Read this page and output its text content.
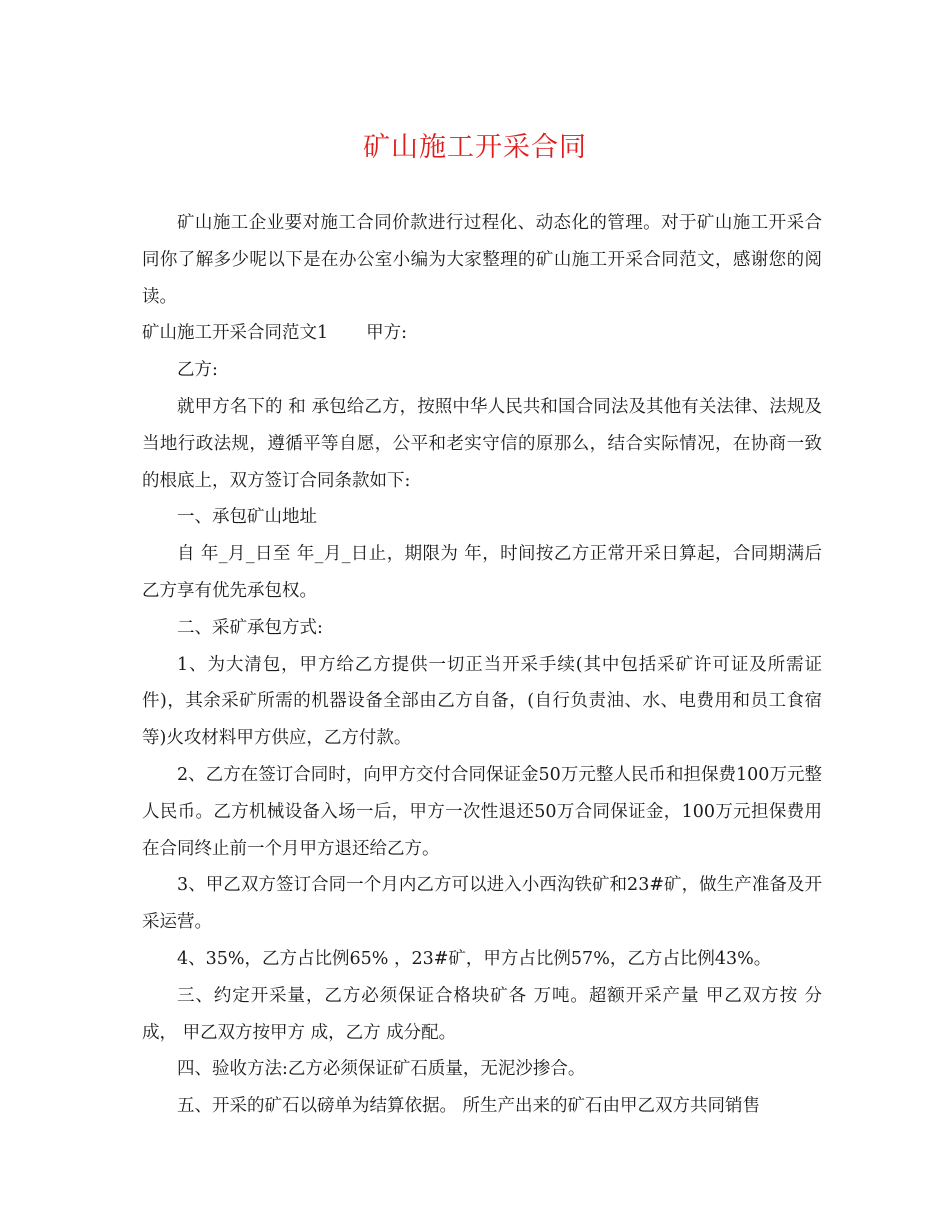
矿山施工开采合同

矿山施工企业要对施工合同价款进行过程化、动态化的管理。对于矿山施工开采合同你了解多少呢以下是在办公室小编为大家整理的矿山施工开采合同范文，感谢您的阅读。

矿山施工开采合同范文1 甲方:

乙方:

就甲方名下的 和 承包给乙方，按照中华人民共和国合同法及其他有关法律、法规及当地行政法规，遵循平等自愿，公平和老实守信的原那么，结合实际情况，在协商一致的根底上，双方签订合同条款如下:

一、承包矿山地址

自 年_月_日至 年_月_日止，期限为 年，时间按乙方正常开采日算起，合同期满后乙方享有优先承包权。

二、采矿承包方式:

1、为大清包，甲方给乙方提供一切正当开采手续(其中包括采矿许可证及所需证件)，其余采矿所需的机器设备全部由乙方自备，(自行负责油、水、电费用和员工食宿等)火攻材料甲方供应，乙方付款。

2、乙方在签订合同时，向甲方交付合同保证金50万元整人民币和担保费100万元整人民币。乙方机械设备入场一后，甲方一次性退还50万合同保证金，100万元担保费用在合同终止前一个月甲方退还给乙方。

3、甲乙双方签订合同一个月内乙方可以进入小西沟铁矿和23#矿，做生产准备及开采运营。

4、35%，乙方占比例65% ，23#矿，甲方占比例57%，乙方占比例43%。

三、约定开采量，乙方必须保证合格块矿各 万吨。超额开采产量 甲乙双方按 分成， 甲乙双方按甲方 成，乙方 成分配。

四、验收方法:乙方必须保证矿石质量，无泥沙掺合。

五、开采的矿石以磅单为结算依据。 所生产出来的矿石由甲乙双方共同销售
